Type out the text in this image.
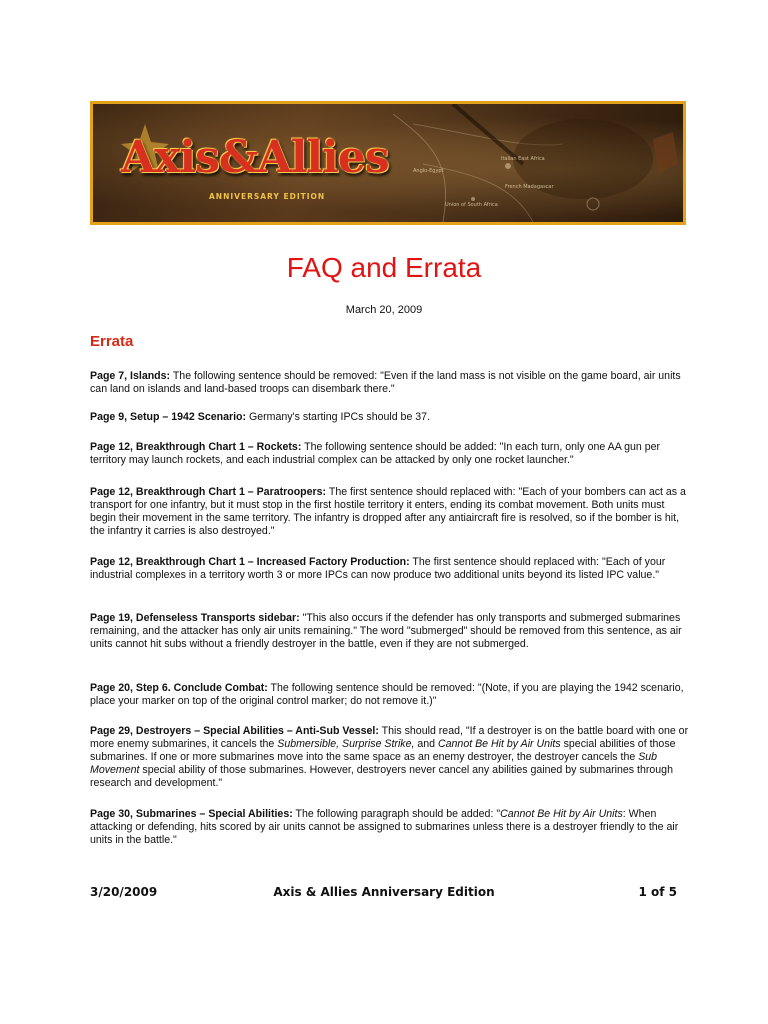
Axis&Allies
ANNIVERSARY EDITION
Anglo-Egypt
Union of South Africa
French Madagascar
Italian East Africa
FAQ and Errata
March 20, 2009
Errata
Page 7, Islands: The following sentence should be removed: "Even if the land mass is not visible on the game board, air units can land on islands and land-based troops can disembark there."
Page 9, Setup – 1942 Scenario: Germany's starting IPCs should be 37.
Page 12, Breakthrough Chart 1 – Rockets: The following sentence should be added: "In each turn, only one AA gun per territory may launch rockets, and each industrial complex can be attacked by only one rocket launcher."
Page 12, Breakthrough Chart 1 – Paratroopers: The first sentence should replaced with: "Each of your bombers can act as a transport for one infantry, but it must stop in the first hostile territory it enters, ending its combat movement. Both units must begin their movement in the same territory. The infantry is dropped after any antiaircraft fire is resolved, so if the bomber is hit, the infantry it carries is also destroyed."
Page 12, Breakthrough Chart 1 – Increased Factory Production: The first sentence should replaced with: "Each of your industrial complexes in a territory worth 3 or more IPCs can now produce two additional units beyond its listed IPC value."
Page 19, Defenseless Transports sidebar: "This also occurs if the defender has only transports and submerged submarines remaining, and the attacker has only air units remaining." The word "submerged" should be removed from this sentence, as air units cannot hit subs without a friendly destroyer in the battle, even if they are not submerged.
Page 20, Step 6. Conclude Combat: The following sentence should be removed: "(Note, if you are playing the 1942 scenario, place your marker on top of the original control marker; do not remove it.)"
Page 29, Destroyers – Special Abilities – Anti-Sub Vessel: This should read, "If a destroyer is on the battle board with one or more enemy submarines, it cancels the Submersible, Surprise Strike, and Cannot Be Hit by Air Units special abilities of those submarines. If one or more submarines move into the same space as an enemy destroyer, the destroyer cancels the Sub Movement special ability of those submarines. However, destroyers never cancel any abilities gained by submarines through research and development."
Page 30, Submarines – Special Abilities: The following paragraph should be added: "Cannot Be Hit by Air Units: When attacking or defending, hits scored by air units cannot be assigned to submarines unless there is a destroyer friendly to the air units in the battle."
3/20/2009	Axis & Allies Anniversary Edition	1 of 5
